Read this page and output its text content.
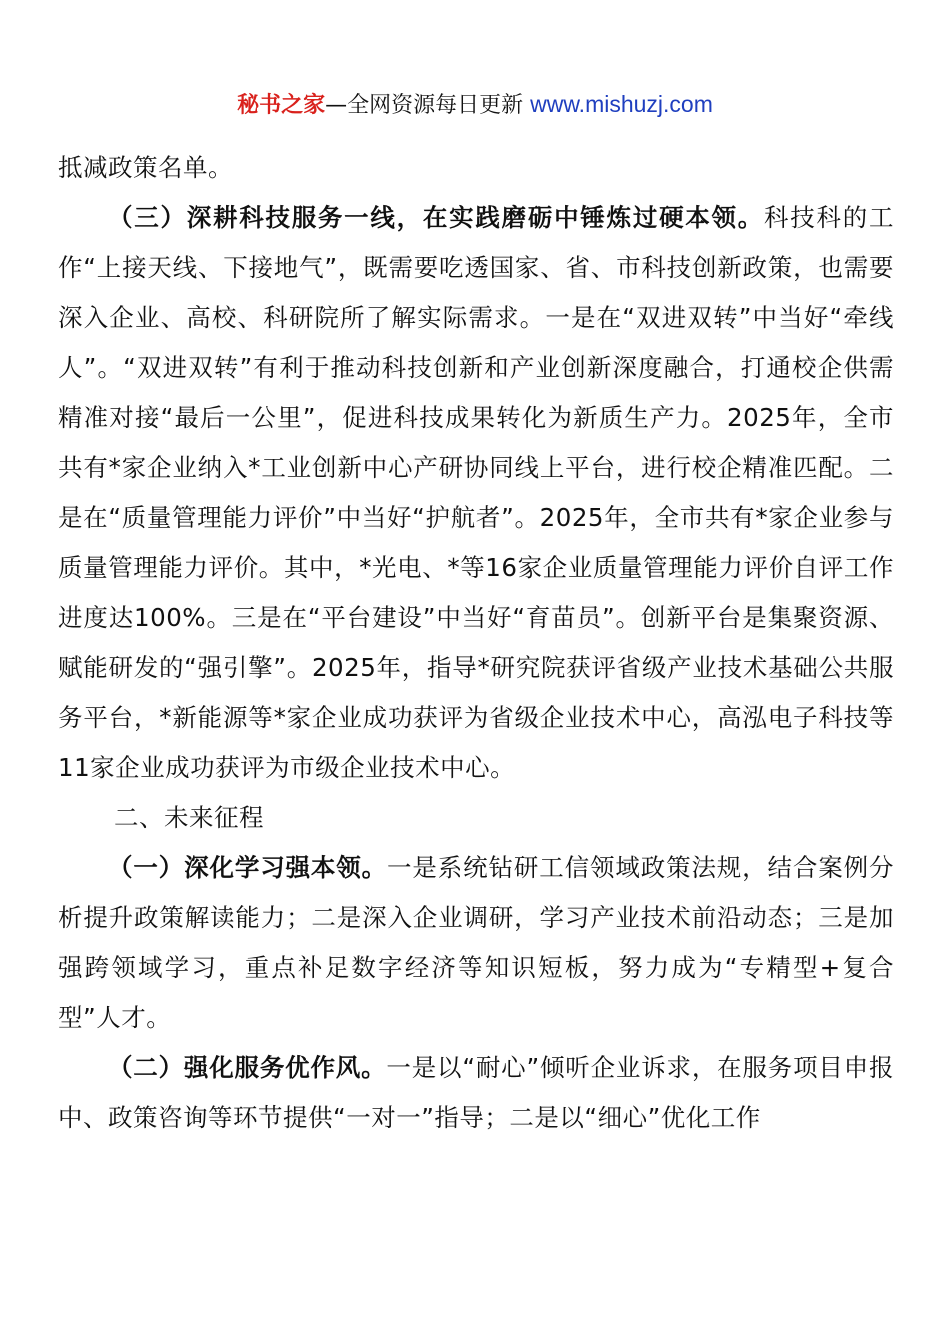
秘书之家—全网资源每日更新 www.mishuzj.com

抵减政策名单。

（三）深耕科技服务一线，在实践磨砺中锤炼过硬本领。科技科的工作“上接天线、下接地气”，既需要吃透国家、省、市科技创新政策，也需要深入企业、高校、科研院所了解实际需求。一是在“双进双转”中当好“牵线人”。“双进双转”有利于推动科技创新和产业创新深度融合，打通校企供需精准对接“最后一公里”，促进科技成果转化为新质生产力。2025年，全市共有*家企业纳入*工业创新中心产研协同线上平台，进行校企精准匹配。二是在“质量管理能力评价”中当好“护航者”。2025年，全市共有*家企业参与质量管理能力评价。其中，*光电、*等16家企业质量管理能力评价自评工作进度达100%。三是在“平台建设”中当好“育苗员”。创新平台是集聚资源、赋能研发的“强引擎”。2025年，指导*研究院获评省级产业技术基础公共服务平台，*新能源等*家企业成功获评为省级企业技术中心，高泓电子科技等11家企业成功获评为市级企业技术中心。

二、未来征程

（一）深化学习强本领。一是系统钻研工信领域政策法规，结合案例分析提升政策解读能力；二是深入企业调研，学习产业技术前沿动态；三是加强跨领域学习，重点补足数字经济等知识短板，努力成为“专精型+复合型”人才。

（二）强化服务优作风。一是以“耐心”倾听企业诉求，在服务项目申报中、政策咨询等环节提供“一对一”指导；二是以“细心”优化工作
